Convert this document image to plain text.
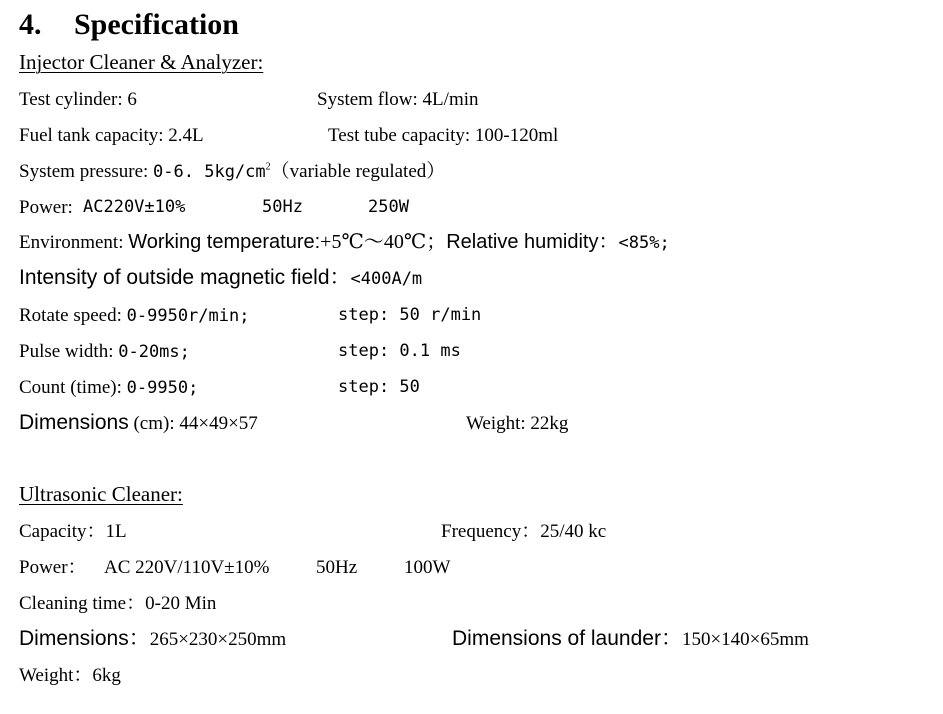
4. Specification
Injector Cleaner & Analyzer:
Test cylinder: 6	System flow: 4L/min
Fuel tank capacity: 2.4L	Test tube capacity: 100-120ml
System pressure: 0-6. $5kg/cm^2(variable$ regulated）
Power: AC220V±10%	50Hz	250W
Environment: Working temperature:+5℃～40℃；Relative humidity：<85%;
Intensity of outside magnetic field：<400A/m
Rotate speed: 0-9950r/min;	step: 50 r/min
Pulse width: 0-20ms;	step: 0.1 ms
Count (time): 0-9950;	step: 50
Dimensions (cm): 44×49×57	Weight: 22kg
Ultrasonic Cleaner:
Capacity：1L	Frequency：25/40 kc
Power： AC 220V/110V±10% 50Hz 100W
Cleaning time：0-20 Min
Dimensions：265×230×250mm	Dimensions of launder：150×140×65mm
Weight：6kg
